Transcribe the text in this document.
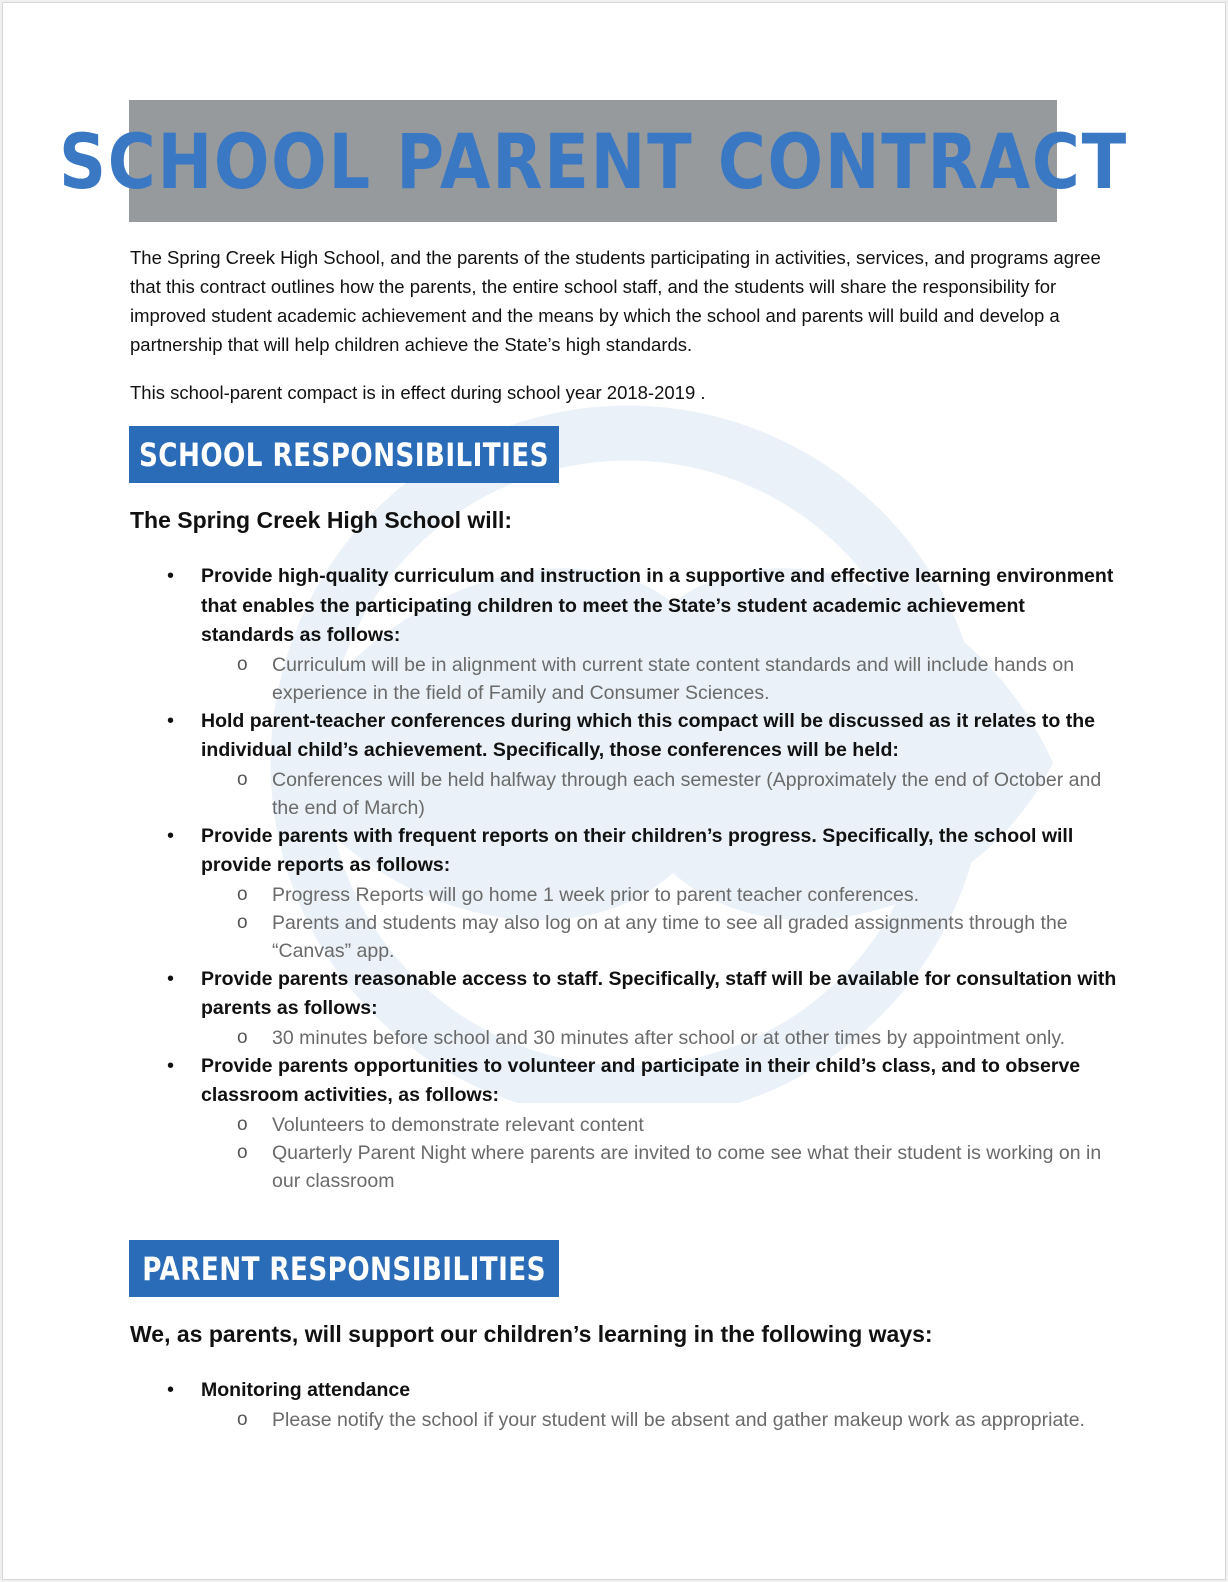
SCHOOL PARENT CONTRACT
The Spring Creek High School, and the parents of the students participating in activities, services, and programs agree that this contract outlines how the parents, the entire school staff, and the students will share the responsibility for improved student academic achievement and the means by which the school and parents will build and develop a partnership that will help children achieve the State’s high standards.
This school-parent compact is in effect during school year 2018-2019 .
SCHOOL RESPONSIBILITIES
The Spring Creek High School will:
• Provide high-quality curriculum and instruction in a supportive and effective learning environment that enables the participating children to meet the State’s student academic achievement standards as follows:
o Curriculum will be in alignment with current state content standards and will include hands on experience in the field of Family and Consumer Sciences.
• Hold parent-teacher conferences during which this compact will be discussed as it relates to the individual child’s achievement. Specifically, those conferences will be held:
o Conferences will be held halfway through each semester (Approximately the end of October and the end of March)
• Provide parents with frequent reports on their children’s progress. Specifically, the school will provide reports as follows:
o Progress Reports will go home 1 week prior to parent teacher conferences.
o Parents and students may also log on at any time to see all graded assignments through the “Canvas” app.
• Provide parents reasonable access to staff. Specifically, staff will be available for consultation with parents as follows:
o 30 minutes before school and 30 minutes after school or at other times by appointment only.
• Provide parents opportunities to volunteer and participate in their child’s class, and to observe classroom activities, as follows:
o Volunteers to demonstrate relevant content
o Quarterly Parent Night where parents are invited to come see what their student is working on in our classroom
PARENT RESPONSIBILITIES
We, as parents, will support our children’s learning in the following ways:
• Monitoring attendance
o Please notify the school if your student will be absent and gather makeup work as appropriate.
